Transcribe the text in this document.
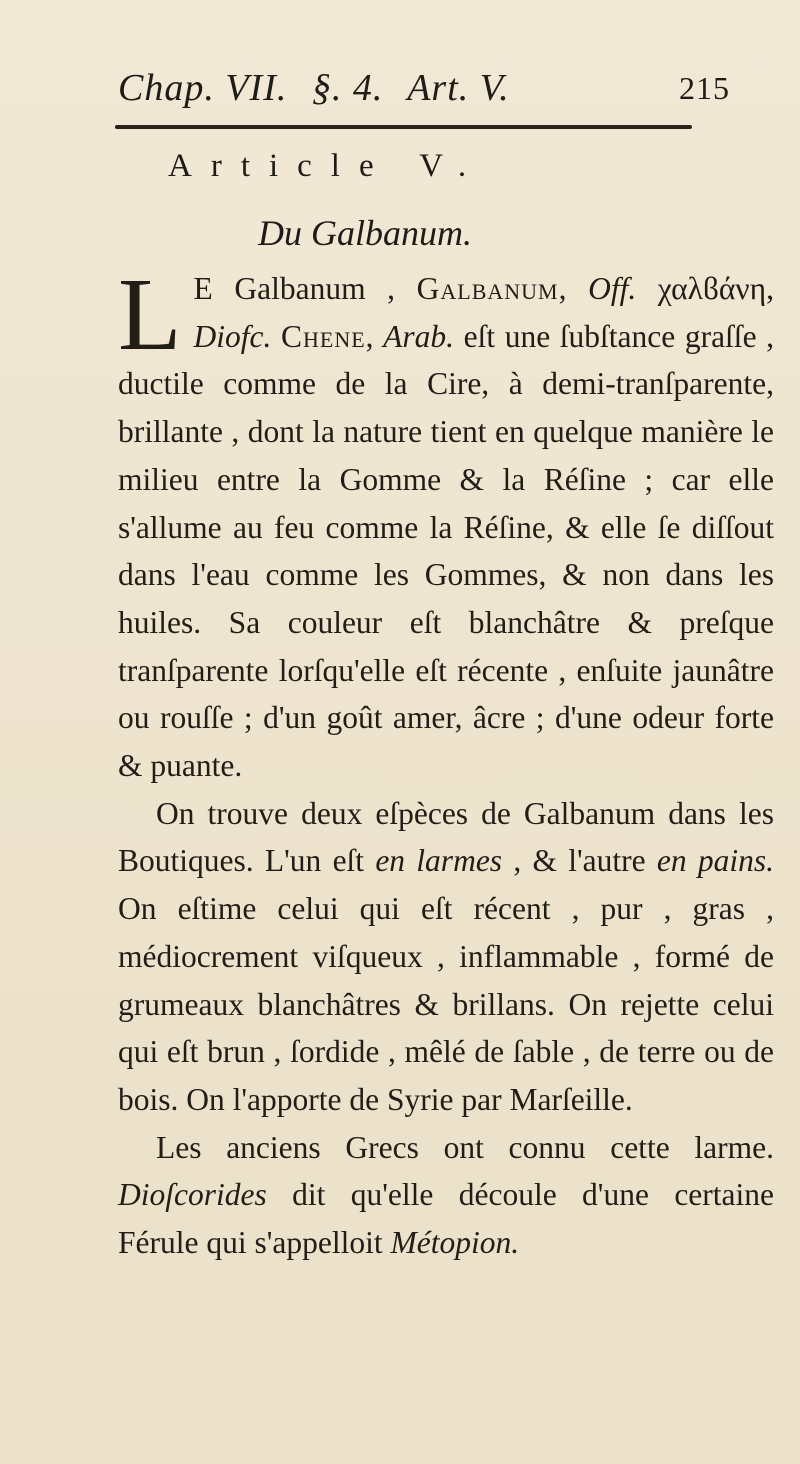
Chap. VII. §. 4. Art. V.	215
Article V.
Du Galbanum.

L E Galbanum , Galbanum, Off. χαλϐάνη, Diofc. Chene, Arab. eſt une ſubſtance graſſe , ductile comme de la Cire, à demi-tranſparente, brillante , dont la nature tient en quelque manière le milieu entre la Gomme & la Réſine ; car elle s'allume au feu comme la Réſine, & elle ſe diſſout dans l'eau comme les Gommes, & non dans les huiles. Sa couleur eſt blanchâtre & preſque tranſparente lorſqu'elle eſt récente , enſuite jaunâtre ou rouſſe ; d'un goût amer, âcre ; d'une odeur forte & puante.

On trouve deux eſpèces de Galbanum dans les Boutiques. L'un eſt en larmes , & l'autre en pains. On eſtime celui qui eſt récent , pur , gras , médiocrement viſqueux , inflammable , formé de grumeaux blanchâtres & brillans. On rejette celui qui eſt brun , ſordide , mêlé de ſable , de terre ou de bois. On l'apporte de Syrie par Marſeille.

Les anciens Grecs ont connu cette larme. Dioſcorides dit qu'elle découle d'une certaine Férule qui s'appelloit Métopion.
